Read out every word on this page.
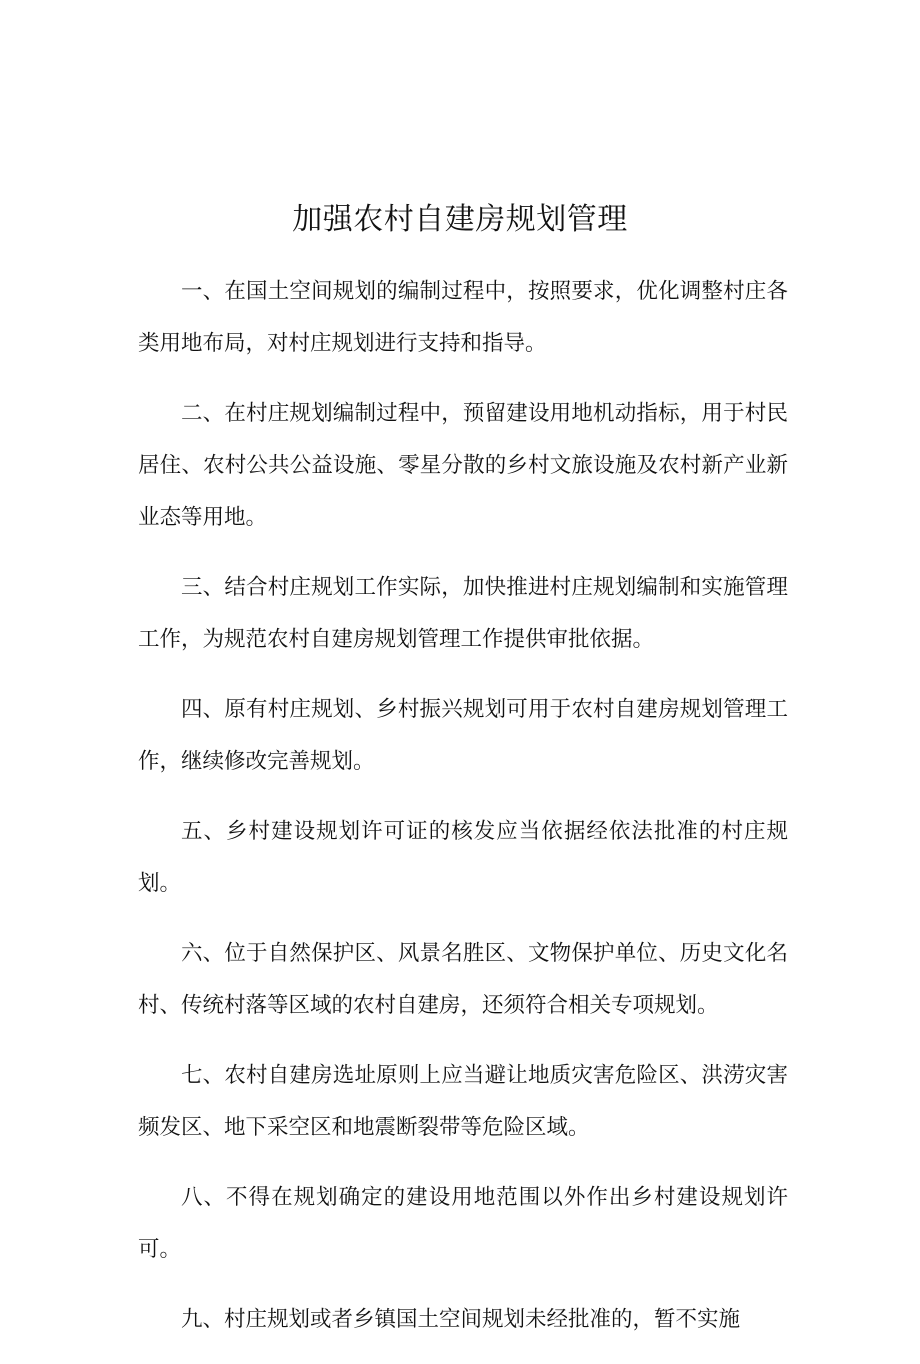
加强农村自建房规划管理

一、在国土空间规划的编制过程中，按照要求，优化调整村庄各类用地布局，对村庄规划进行支持和指导。

二、在村庄规划编制过程中，预留建设用地机动指标，用于村民居住、农村公共公益设施、零星分散的乡村文旅设施及农村新产业新业态等用地。

三、结合村庄规划工作实际，加快推进村庄规划编制和实施管理工作，为规范农村自建房规划管理工作提供审批依据。

四、原有村庄规划、乡村振兴规划可用于农村自建房规划管理工作，继续修改完善规划。

五、乡村建设规划许可证的核发应当依据经依法批准的村庄规划。

六、位于自然保护区、风景名胜区、文物保护单位、历史文化名村、传统村落等区域的农村自建房，还须符合相关专项规划。

七、农村自建房选址原则上应当避让地质灾害危险区、洪涝灾害频发区、地下采空区和地震断裂带等危险区域。

八、不得在规划确定的建设用地范围以外作出乡村建设规划许可。

九、村庄规划或者乡镇国土空间规划未经批准的，暂不实施
